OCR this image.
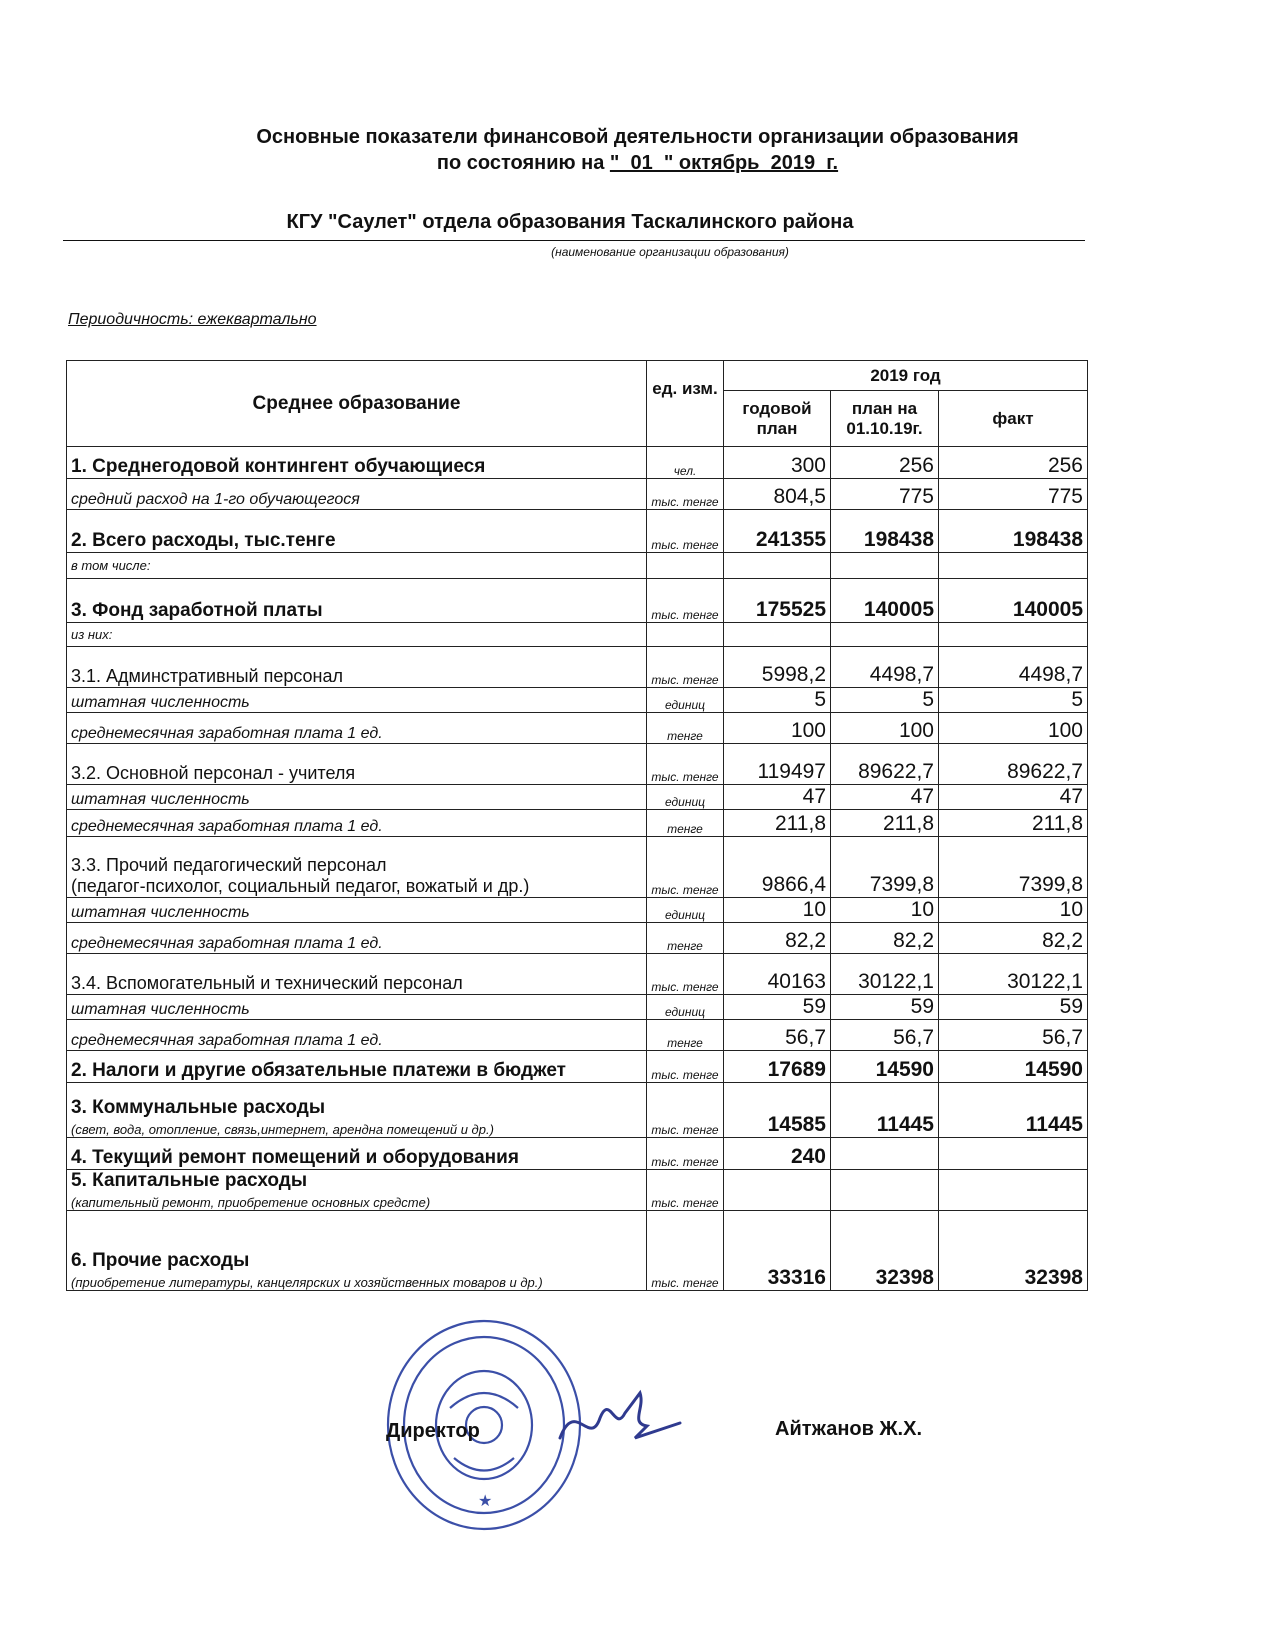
Основные показатели финансовой деятельности организации образования
по состоянию на "_01_" октябрь_2019_г.
КГУ "Саулет" отдела образования Таскалинского района
(наименование организации образования)
Периодичность: ежеквартально
Среднее образование	ед. изм.	2019 год		
		годовой план	план на 01.10.19г.	факт
1. Среднегодовой контингент обучающиеся	чел.	300	256	256
средний расход на 1-го обучающегося	тыс. тенге	804,5	775	775
2. Всего расходы, тыс.тенге	тыс. тенге	241355	198438	198438
в том числе:				
3. Фонд заработной платы	тыс. тенге	175525	140005	140005
из них:				
3.1. Админстративный персонал	тыс. тенге	5998,2	4498,7	4498,7
штатная численность	единиц	5	5	5
среднемесячная заработная плата 1 ед.	тенге	100	100	100
3.2. Основной персонал - учителя	тыс. тенге	119497	89622,7	89622,7
штатная численность	единиц	47	47	47
среднемесячная заработная плата 1 ед.	тенге	211,8	211,8	211,8
3.3. Прочий педагогический персонал
(педагог-психолог, социальный педагог, вожатый и др.)	тыс. тенге	9866,4	7399,8	7399,8
штатная численность	единиц	10	10	10
среднемесячная заработная плата 1 ед.	тенге	82,2	82,2	82,2
3.4. Вспомогательный и технический персонал	тыс. тенге	40163	30122,1	30122,1
штатная численность	единиц	59	59	59
среднемесячная заработная плата 1 ед.	тенге	56,7	56,7	56,7
2. Налоги и другие обязательные платежи в бюджет	тыс. тенге	17689	14590	14590
3. Коммунальные расходы
(свет, вода, отопление, связь,интернет, арендна помещений и др.)	тыс. тенге	14585	11445	11445
4. Текущий ремонт помещений и оборудования	тыс. тенге	240		
5. Капитальные расходы
(капительный ремонт, приобретение основных средсте)	тыс. тенге			
6. Прочие расходы
(приобретение литературы, канцелярских и хозяйственных товаров и др.)	тыс. тенге	33316	32398	32398
★
Директор	Айтжанов Ж.Х.
